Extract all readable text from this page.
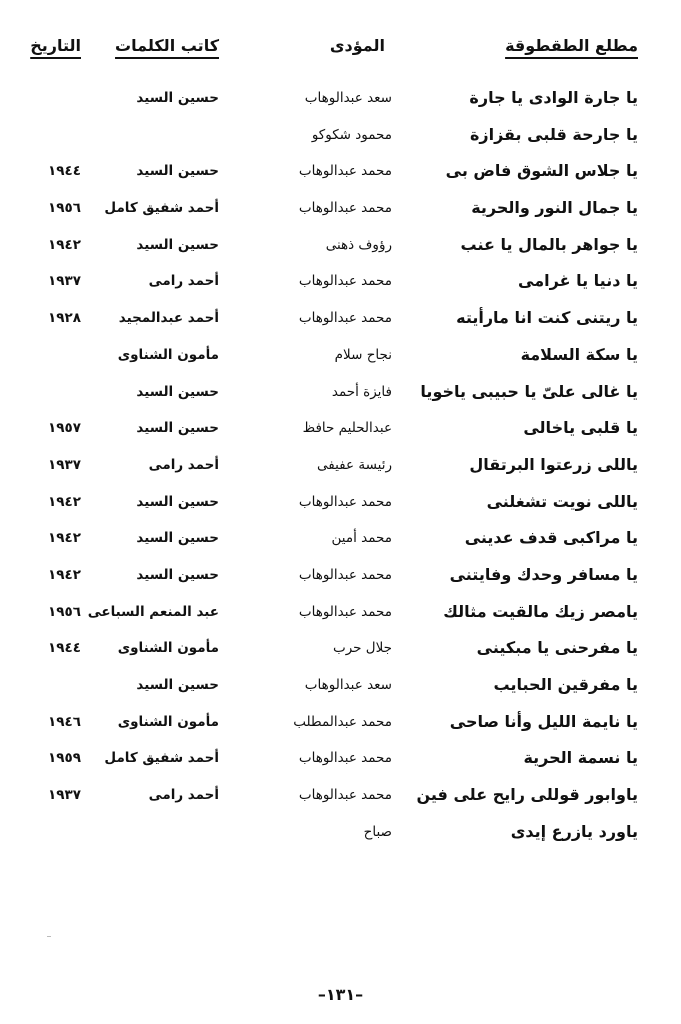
مطلع الطقطوقة
المؤدى
كاتب الكلمات
التاريخ
يا جارة الوادى يا جارة
سعد عبدالوهاب
حسين السيد
يا جارحة قلبى بقزازة
محمود شكوكو
يا جلاس الشوق فاض بى
محمد عبدالوهاب
حسين السيد
١٩٤٤
يا جمال النور والحرية
محمد عبدالوهاب
أحمد شفيق كامل
١٩٥٦
يا جواهر بالمال يا عنب
رؤوف ذهنى
حسين السيد
١٩٤٢
يا دنيا يا غرامى
محمد عبدالوهاب
أحمد رامى
١٩٣٧
يا ريتنى كنت انا مارأيته
محمد عبدالوهاب
أحمد عبدالمجيد
١٩٢٨
يا سكة السلامة
نجاح سلام
مأمون الشناوى
يا غالى علىّ يا حبيبى ياخويا
فايزة أحمد
حسين السيد
يا قلبى ياخالى
عبدالحليم حافظ
حسين السيد
١٩٥٧
ياللى زرعتوا البرتقال
رئيسة عفيفى
أحمد رامى
١٩٣٧
ياللى نويت تشغلنى
محمد عبدالوهاب
حسين السيد
١٩٤٢
يا مراكبى قدف عدينى
محمد أمين
حسين السيد
١٩٤٢
يا مسافر وحدك وفايتنى
محمد عبدالوهاب
حسين السيد
١٩٤٢
يامصر زيك مالقيت مثالك
محمد عبدالوهاب
عبد المنعم السباعى
١٩٥٦
يا مفرحنى يا مبكينى
جلال حرب
مأمون الشناوى
١٩٤٤
يا مفرقين الحبايب
سعد عبدالوهاب
حسين السيد
يا نايمة الليل وأنا صاحى
محمد عبدالمطلب
مأمون الشناوى
١٩٤٦
يا نسمة الحرية
محمد عبدالوهاب
أحمد شفيق كامل
١٩٥٩
ياوابور قوللى رايح على فين
محمد عبدالوهاب
أحمد رامى
١٩٣٧
ياورد يازرع إيدى
صباح
–١٣١–
